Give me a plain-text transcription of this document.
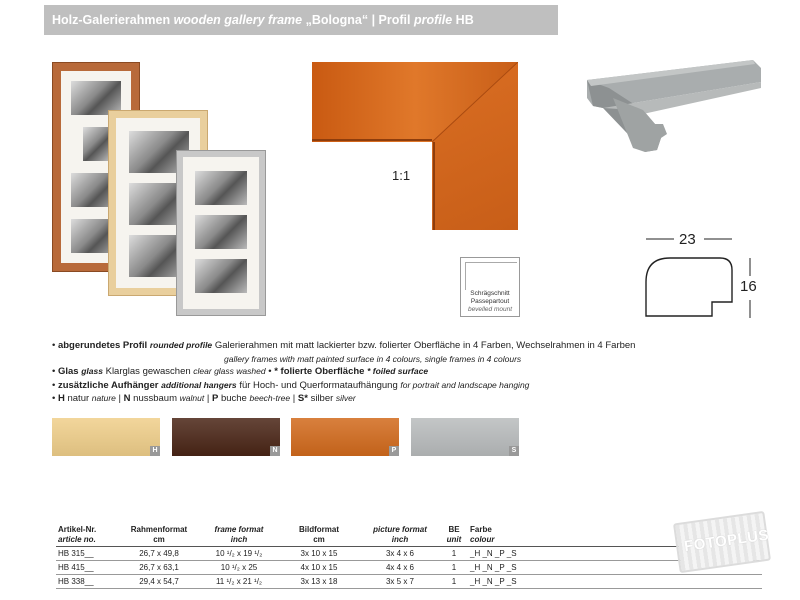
Holz-Galerierahmen wooden gallery frame „Bologna“ | Profil profile HB
1:1
Schrägschnitt
Passepartout
bevelled mount
23
16
• abgerundetes Profil rounded profile Galerierahmen mit matt lackierter bzw. folierter Oberfläche in 4 Farben, Wechselrahmen in 4 Farben
gallery frames with matt painted surface in 4 colours, single frames in 4 colours
• Glas glass Klarglas gewaschen clear glass washed • * folierte Oberfläche * foiled surface
• zusätzliche Aufhänger additional hangers für Hoch- und Querformataufhängung for portrait and landscape hanging
• H natur nature | N nussbaum walnut | P buche beech-tree | S* silber silver
H	N	P	S
Artikel-Nr.	Rahmenformat	frame format	Bildformat	picture format	BE	Farbe	
article no.	cm	inch	cm	inch	unit	colour	
HB 315__	26,7 x 49,8	10 ¹/₂ x 19 ¹/₂	3x 10 x 15	3x 4 x 6	1	_H _N _P _S	
HB 415__	26,7 x 63,1	10 ¹/₂ x 25	4x 10 x 15	4x 4 x 6	1	_H _N _P _S	
HB 338__	29,4 x 54,7	11 ¹/₂ x 21 ¹/₂	3x 13 x 18	3x 5 x 7	1	_H _N _P _S	
FOTOPLUS
